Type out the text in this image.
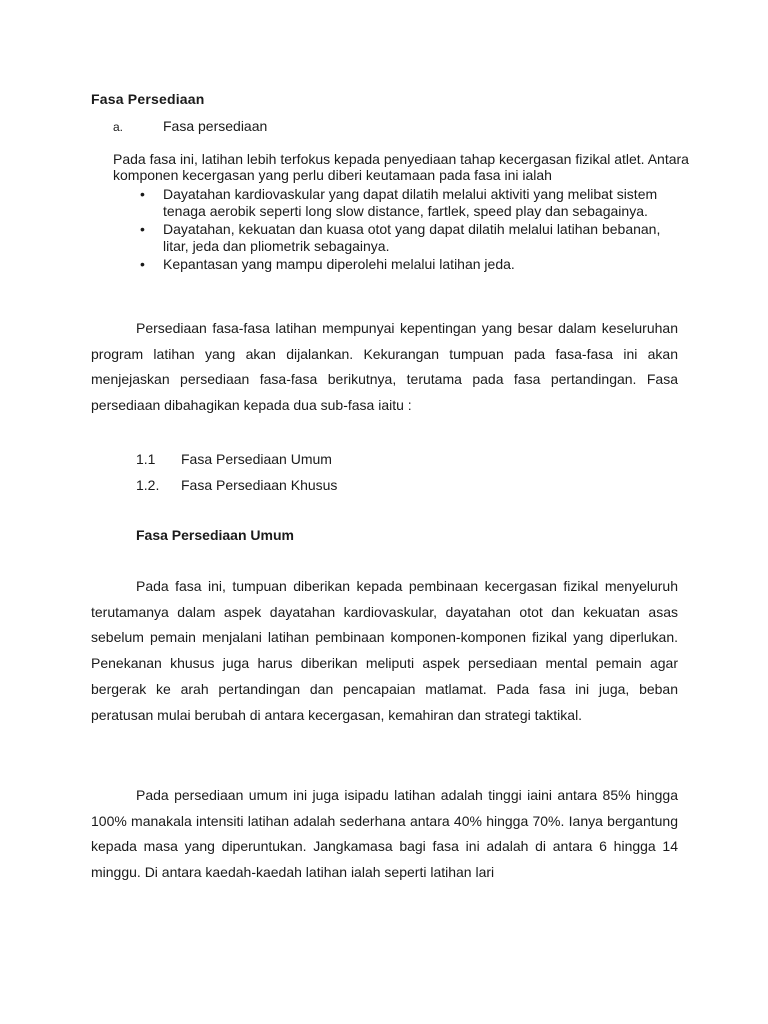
Fasa Persediaan
a.	Fasa persediaan
Pada fasa ini, latihan lebih terfokus kepada penyediaan tahap kecergasan fizikal atlet. Antara komponen kecergasan yang perlu diberi keutamaan pada fasa ini ialah
• Dayatahan kardiovaskular yang dapat dilatih melalui aktiviti yang melibat sistem tenaga aerobik seperti long slow distance, fartlek, speed play dan sebagainya.
• Dayatahan, kekuatan dan kuasa otot yang dapat dilatih melalui latihan bebanan, litar, jeda dan pliometrik sebagainya.
• Kepantasan yang mampu diperolehi melalui latihan jeda.

Persediaan fasa-fasa latihan mempunyai kepentingan yang besar dalam keseluruhan program latihan yang akan dijalankan. Kekurangan tumpuan pada fasa-fasa ini akan menjejaskan persediaan fasa-fasa berikutnya, terutama pada fasa pertandingan. Fasa persediaan dibahagikan kepada dua sub-fasa iaitu :

1.1 Fasa Persediaan Umum
1.2. Fasa Persediaan Khusus
Fasa Persediaan Umum

Pada fasa ini, tumpuan diberikan kepada pembinaan kecergasan fizikal menyeluruh terutamanya dalam aspek dayatahan kardiovaskular, dayatahan otot dan kekuatan asas sebelum pemain menjalani latihan pembinaan komponen-komponen fizikal yang diperlukan. Penekanan khusus juga harus diberikan meliputi aspek persediaan mental pemain agar bergerak ke arah pertandingan dan pencapaian matlamat. Pada fasa ini juga, beban peratusan mulai berubah di antara kecergasan, kemahiran dan strategi taktikal.

Pada persediaan umum ini juga isipadu latihan adalah tinggi iaini antara 85% hingga 100% manakala intensiti latihan adalah sederhana antara 40% hingga 70%. Ianya bergantung kepada masa yang diperuntukan. Jangkamasa bagi fasa ini adalah di antara 6 hingga 14 minggu. Di antara kaedah-kaedah latihan ialah seperti latihan lari
